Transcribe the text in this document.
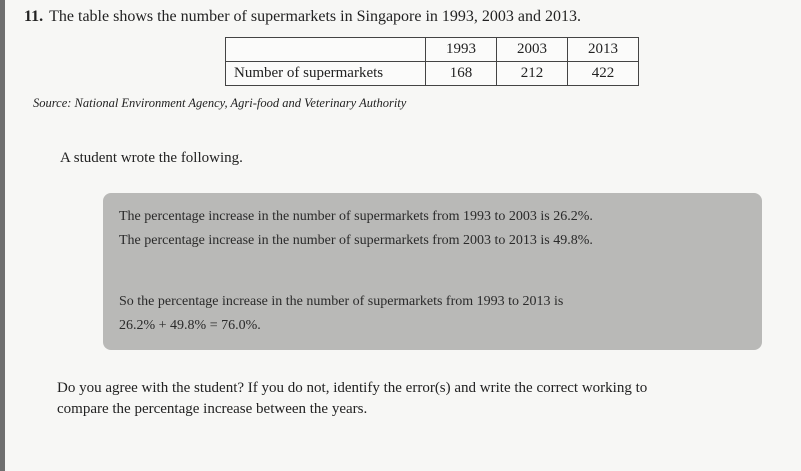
11. The table shows the number of supermarkets in Singapore in 1993, 2003 and 2013.
	1993	2003	2013
Number of supermarkets	168	212	422
Source: National Environment Agency, Agri-food and Veterinary Authority
A student wrote the following.
The percentage increase in the number of supermarkets from 1993 to 2003 is 26.2%.
The percentage increase in the number of supermarkets from 2003 to 2013 is 49.8%.
So the percentage increase in the number of supermarkets from 1993 to 2013 is
26.2% + 49.8% = 76.0%.
Do you agree with the student? If you do not, identify the error(s) and write the correct working to
compare the percentage increase between the years.
